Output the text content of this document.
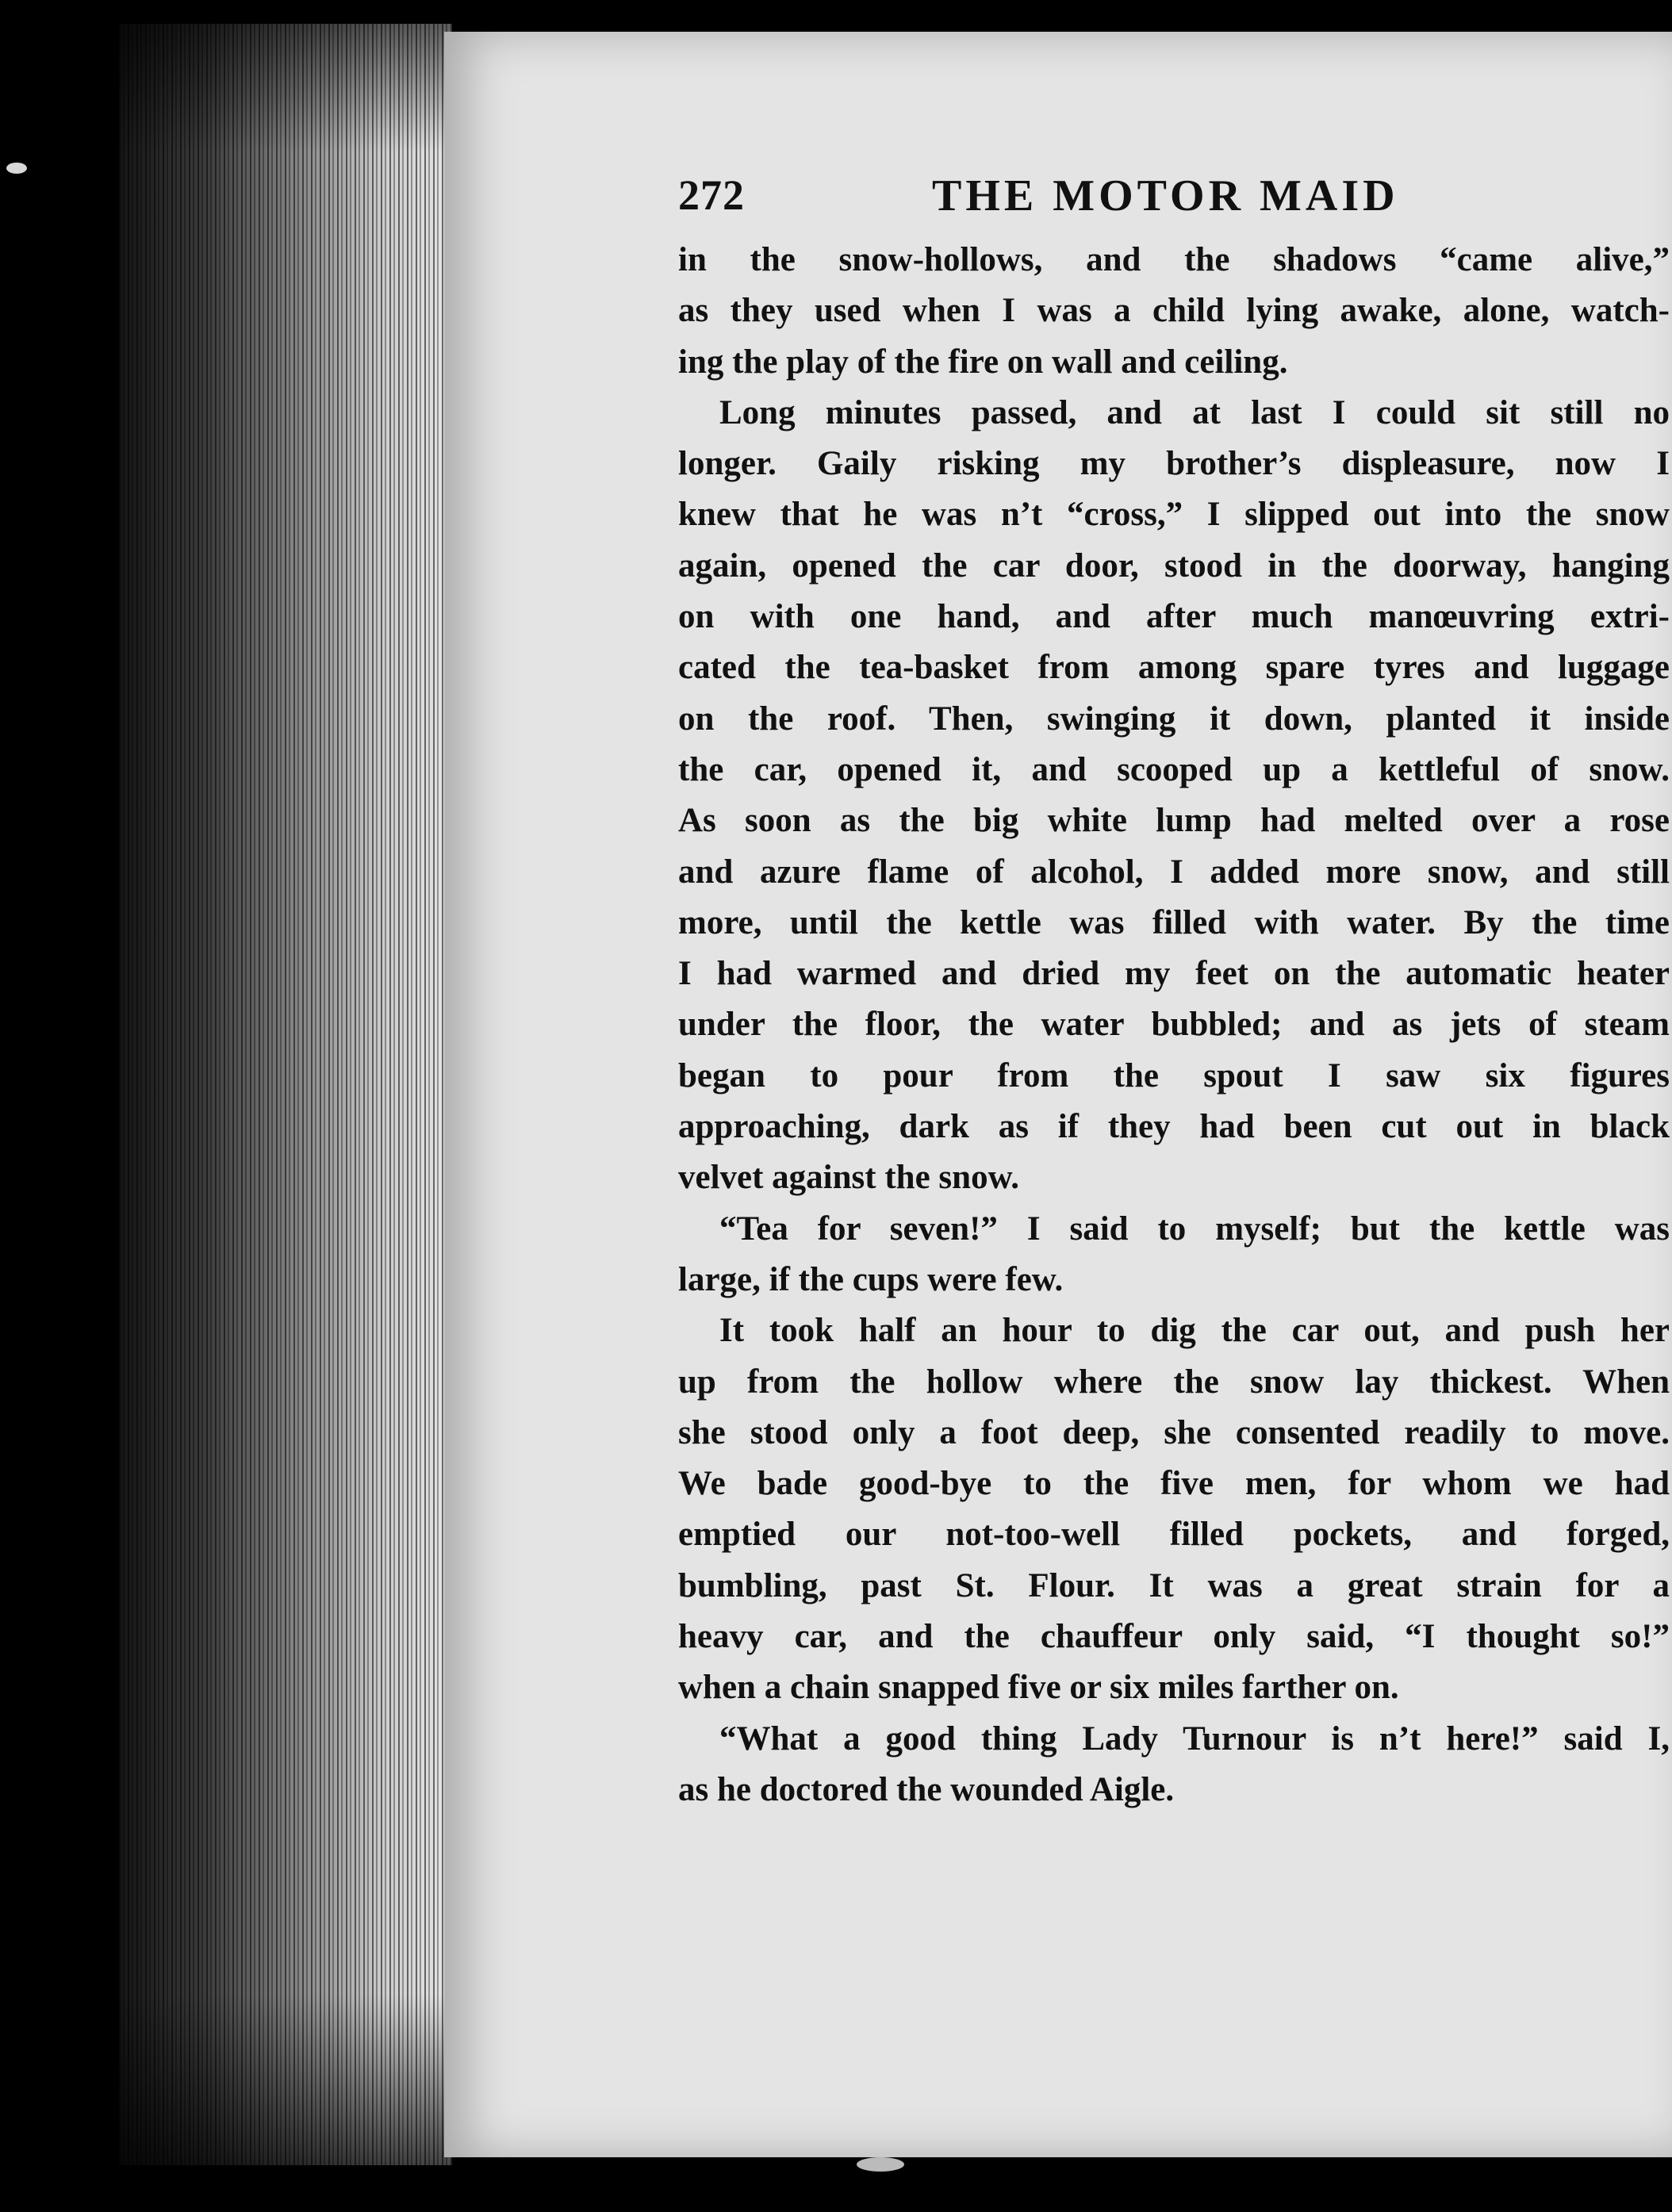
272	THE MOTOR MAID
in the snow-hollows, and the shadows “came alive,”
as they used when I was a child lying awake, alone, watch-
ing the play of the fire on wall and ceiling.
Long minutes passed, and at last I could sit still no
longer. Gaily risking my brother’s displeasure, now I
knew that he was n’t “cross,” I slipped out into the snow
again, opened the car door, stood in the doorway, hanging
on with one hand, and after much manœuvring extri-
cated the tea-basket from among spare tyres and luggage
on the roof. Then, swinging it down, planted it inside
the car, opened it, and scooped up a kettleful of snow.
As soon as the big white lump had melted over a rose
and azure flame of alcohol, I added more snow, and still
more, until the kettle was filled with water. By the time
I had warmed and dried my feet on the automatic heater
under the floor, the water bubbled; and as jets of steam
began to pour from the spout I saw six figures
approaching, dark as if they had been cut out in black
velvet against the snow.
“Tea for seven!” I said to myself; but the kettle was
large, if the cups were few.
It took half an hour to dig the car out, and push her
up from the hollow where the snow lay thickest. When
she stood only a foot deep, she consented readily to move.
We bade good-bye to the five men, for whom we had
emptied our not-too-well filled pockets, and forged,
bumbling, past St. Flour. It was a great strain for a
heavy car, and the chauffeur only said, “I thought so!”
when a chain snapped five or six miles farther on.
“What a good thing Lady Turnour is n’t here!” said I,
as he doctored the wounded Aigle.
